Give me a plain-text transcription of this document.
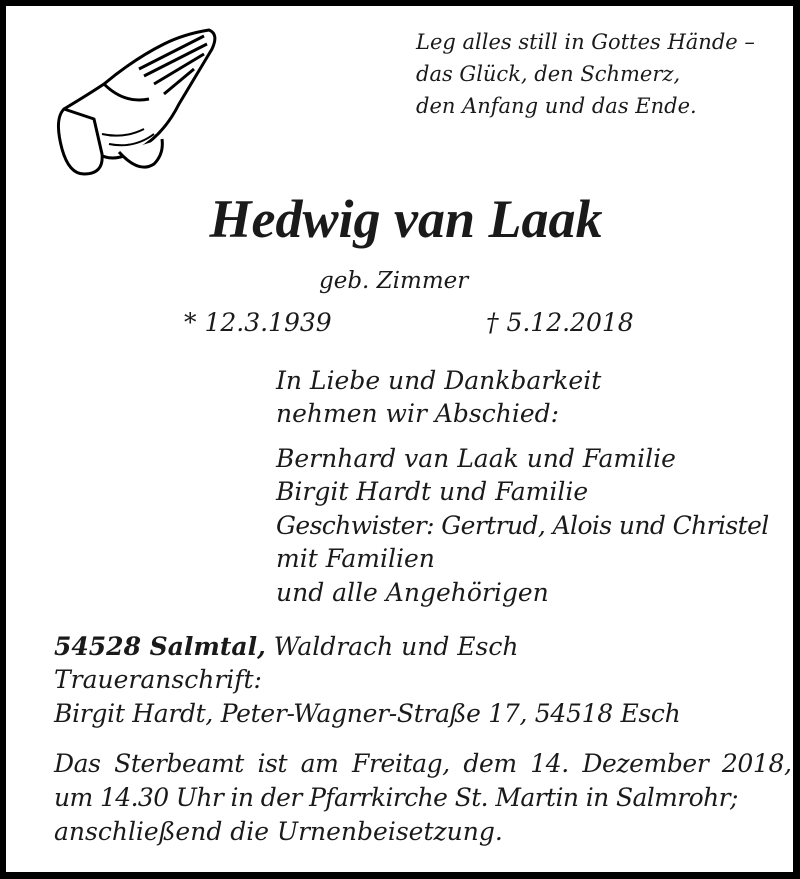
Leg alles still in Gottes Hände –
das Glück, den Schmerz,
den Anfang und das Ende.
Hedwig van Laak
geb. Zimmer
* 12.3.1939	† 5.12.2018
In Liebe und Dankbarkeit
nehmen wir Abschied:
Bernhard van Laak und Familie
Birgit Hardt und Familie
Geschwister: Gertrud, Alois und Christel
mit Familien
und alle Angehörigen
54528 Salmtal, Waldrach und Esch
Traueranschrift:
Birgit Hardt, Peter-Wagner-Straße 17, 54518 Esch
Das Sterbeamt ist am Freitag, dem 14. Dezember 2018,
um 14.30 Uhr in der Pfarrkirche St. Martin in Salmrohr;
anschließend die Urnenbeisetzung.
